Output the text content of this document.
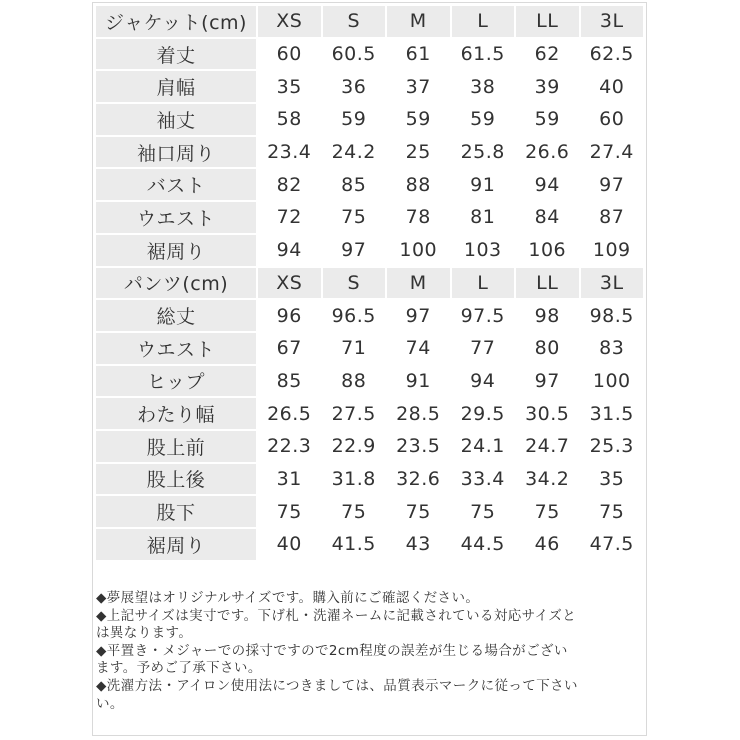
ジャケット(cm)	XS	S	M	L	LL	3L
着丈	60	60.5	61	61.5	62	62.5
肩幅	35	36	37	38	39	40
袖丈	58	59	59	59	59	60
袖口周り	23.4	24.2	25	25.8	26.6	27.4
バスト	82	85	88	91	94	97
ウエスト	72	75	78	81	84	87
裾周り	94	97	100	103	106	109
パンツ(cm)	XS	S	M	L	LL	3L
総丈	96	96.5	97	97.5	98	98.5
ウエスト	67	71	74	77	80	83
ヒップ	85	88	91	94	97	100
わたり幅	26.5	27.5	28.5	29.5	30.5	31.5
股上前	22.3	22.9	23.5	24.1	24.7	25.3
股上後	31	31.8	32.6	33.4	34.2	35
股下	75	75	75	75	75	75
裾周り	40	41.5	43	44.5	46	47.5
◆夢展望はオリジナルサイズです。購入前にご確認ください。
◆上記サイズは実寸です。下げ札・洗濯ネームに記載されている対応サイズと
は異なります。
◆平置き・メジャーでの採寸ですので2cm程度の誤差が生じる場合がござい
ます。予めご了承下さい。
◆洗濯方法・アイロン使用法につきましては、品質表示マークに従って下さい
い。
